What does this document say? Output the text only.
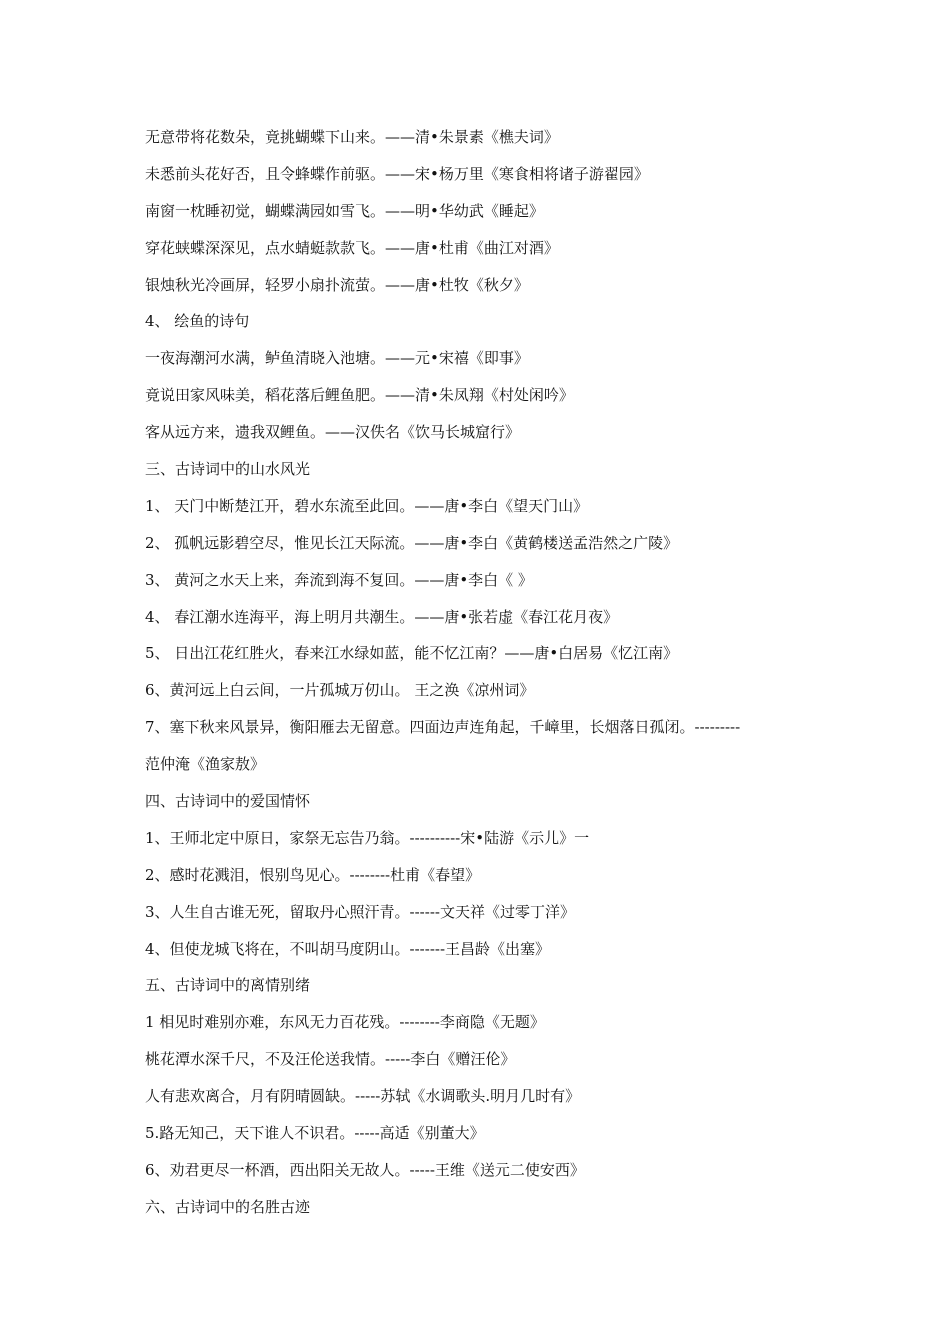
无意带将花数朵，竟挑蝴蝶下山来。——清•朱景素《樵夫词》
未悉前头花好否，且令蜂蝶作前驱。——宋•杨万里《寒食相将诸子游翟园》
南窗一枕睡初觉，蝴蝶满园如雪飞。——明•华幼武《睡起》
穿花蛱蝶深深见，点水蜻蜓款款飞。——唐•杜甫《曲江对酒》
银烛秋光冷画屏，轻罗小扇扑流萤。——唐•杜牧《秋夕》
4、 绘鱼的诗句
一夜海潮河水满，鲈鱼清晓入池塘。——元•宋禧《即事》
竟说田家风味美，稻花落后鲤鱼肥。——清•朱凤翔《村处闲吟》
客从远方来，遗我双鲤鱼。——汉佚名《饮马长城窟行》
三、古诗词中的山水风光
1、 天门中断楚江开，碧水东流至此回。——唐•李白《望天门山》
2、 孤帆远影碧空尽，惟见长江天际流。——唐•李白《黄鹤楼送孟浩然之广陵》
3、 黄河之水天上来，奔流到海不复回。——唐•李白《 》
4、 春江潮水连海平，海上明月共潮生。——唐•张若虚《春江花月夜》
5、 日出江花红胜火，春来江水绿如蓝，能不忆江南？——唐•白居易《忆江南》
6、黄河远上白云间，一片孤城万仞山。 王之涣《凉州词》
7、塞下秋来风景异，衡阳雁去无留意。四面边声连角起，千嶂里，长烟落日孤闭。---------
范仲淹《渔家敖》
四、古诗词中的爱国情怀
1、王师北定中原日，家祭无忘告乃翁。----------宋•陆游《示儿》一
2、感时花溅泪，恨别鸟见心。--------杜甫《春望》
3、人生自古谁无死，留取丹心照汗青。------文天祥《过零丁洋》
4、但使龙城飞将在，不叫胡马度阴山。-------王昌龄《出塞》
五、古诗词中的离情别绪
1 相见时难别亦难，东风无力百花残。--------李商隐《无题》
桃花潭水深千尺，不及汪伦送我情。-----李白《赠汪伦》
人有悲欢离合，月有阴晴圆缺。-----苏轼《水调歌头.明月几时有》
5.路无知己，天下谁人不识君。-----高适《别董大》
6、劝君更尽一杯酒，西出阳关无故人。-----王维《送元二使安西》
六、古诗词中的名胜古迹
